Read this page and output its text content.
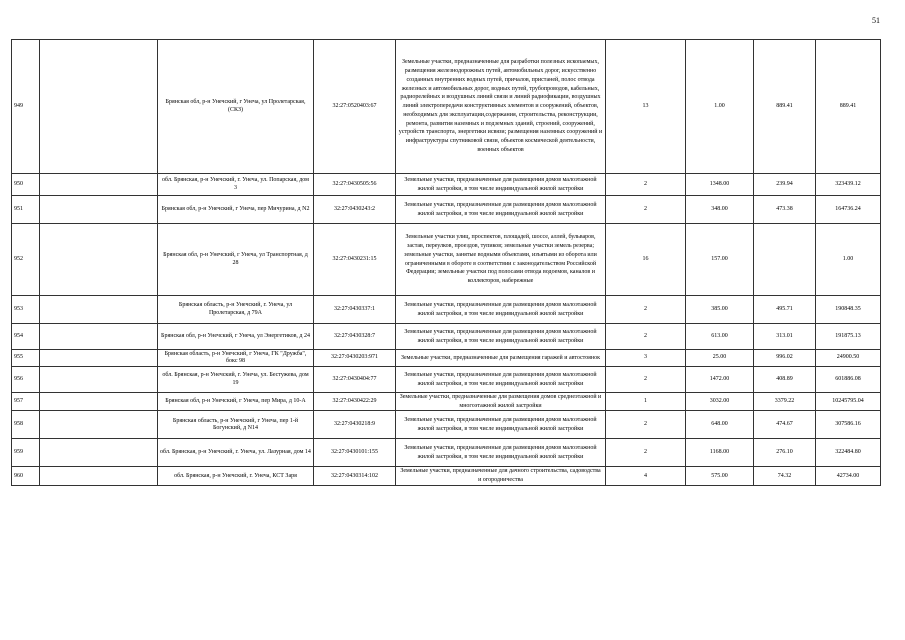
51
949		Брянская обл, р-н Унечский, г Унеча, ул Пролетарская, (СКЗ)	32:27:0520403:67	Земельные участки, предназначенные для разработки полезных ископаемых, размещения железнодорожных путей, автомобильных дорог, искусственно созданных внутренних водных путей, причалов, пристаней, полос отвода железных и автомобильных дорог, водных путей, трубопроводов, кабельных, радиорелейных и воздушных линий связи и линий радиофикации, воздушных линий электропередачи конструктивных элементов и сооружений, объектов, необходимых для эксплуатации,содержания, строительства, реконструкции, ремонта, развития наземных и подземных зданий, строений, сооружений, устройств транспорта, энергетики исвязи; размещения наземных сооружений и инфраструктуры спутниковой связи, объектов космической деятельности, военных объектов	13	1.00	889.41	889.41
950		обл. Брянская, р-н Унечский, г. Унеча, ул. Попарская, дом 3	32:27:0430505:56	Земельные участки, предназначенные для размещения домов малоэтажной жилой застройки, в том числе индивидуальной жилой застройки	2	1348.00	239.94	323439.12
951		Брянская обл, р-н Унечский, г Унеча, пер Мичурина, д N2	32:27:0430243:2	Земельные участки, предназначенные для размещения домов малоэтажной жилой застройки, в том числе индивидуальной жилой застройки	2	348.00	473.38	164736.24
952		Брянская обл, р-н Унечский, г Унеча, ул Транспортная, д 28	32:27:0430231:15	Земельные участки улиц, проспектов, площадей, шоссе, аллей, бульваров, застав, переулков, проездов, тупиков; земельные участки земель резерва; земельные участки, занятые водными объектами, изъятыми из оборота или ограниченными в обороте в соответствии с законодательством Российской Федерации; земельные участки под полосами отвода водоемов, каналов и коллекторов, набережные	16	157.00		1.00
953		Брянская область, р-н Унечский, г. Унеча, ул Пролетарская, д 79А	32:27:0430337:1	Земельные участки, предназначенные для размещения домов малоэтажной жилой застройки, в том числе индивидуальной жилой застройки	2	385.00	495.71	190848.35
954		Брянская обл, р-н Унечский, г Унеча, ул Энергетиков, д 24	32:27:0430328:7	Земельные участки, предназначенные для размещения домов малоэтажной жилой застройки, в том числе индивидуальной жилой застройки	2	613.00	313.01	191875.13
955		Брянская область, р-н Унечский, г Унеча, ГК "Дружба", бокс 98	32:27:0430203:971	Земельные участки, предназначенные для размещения гаражей и автостоянок	3	25.00	996.02	24900.50
956		обл. Брянская, р-н Унечский, г. Унеча, ул. Бестужева, дом 19	32:27:0430404:77	Земельные участки, предназначенные для размещения домов малоэтажной жилой застройки, в том числе индивидуальной жилой застройки	2	1472.00	408.89	601886.08
957		Брянская обл, р-н Унечский, г Унеча, пер Мира, д 10-А	32:27:0430422:29	Земельные участки, предназначенные для размещения домов среднеэтажной и многоэтажной жилой застройки	1	3032.00	3379.22	10245795.04
958		Брянская область, р-н Унечский, г Унеча, пер 1-й Богунский, д N14	32:27:0430218:9	Земельные участки, предназначенные для размещения домов малоэтажной жилой застройки, в том числе индивидуальной жилой застройки	2	648.00	474.67	307586.16
959		обл. Брянская, р-н Унечский, г. Унеча, ул. Лазурная, дом 14	32:27:0430101:155	Земельные участки, предназначенные для размещения домов малоэтажной жилой застройки, в том числе индивидуальной жилой застройки	2	1168.00	276.10	322484.80
960		обл. Брянская, р-н Унечский, г. Унеча, КСТ Заря	32:27:0430314:102	Земельные участки, предназначенные для дачного строительства, садоводства и огородничества	4	575.00	74.32	42734.00
